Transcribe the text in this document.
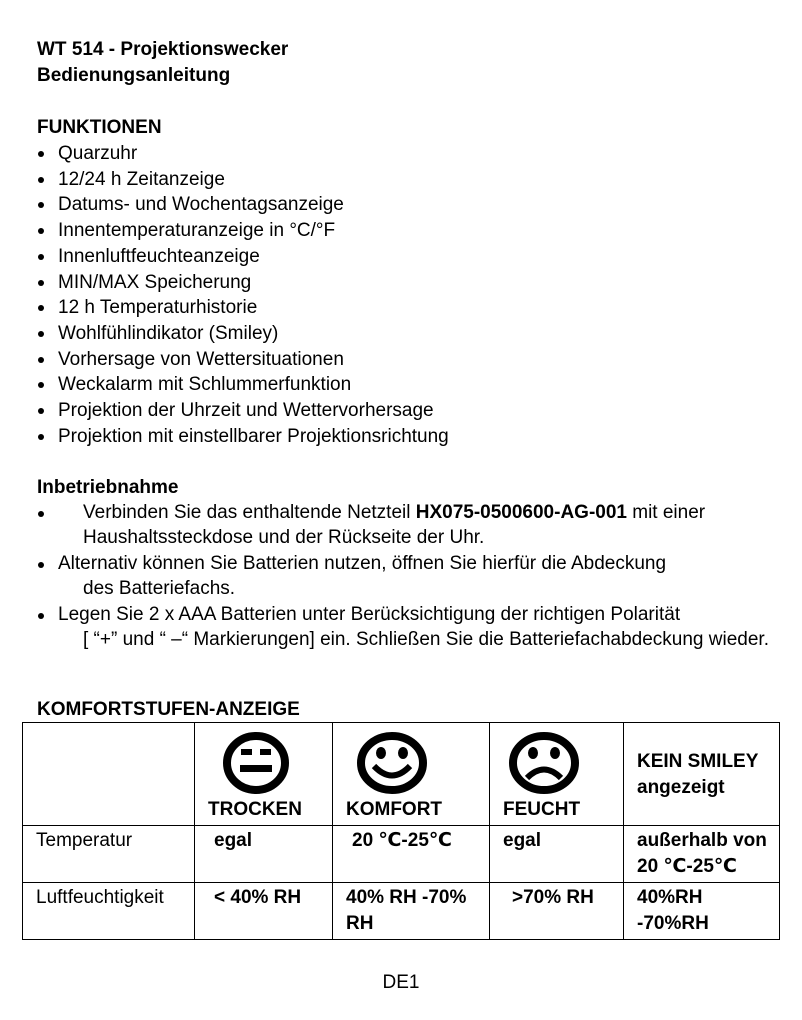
WT 514 - Projektionswecker
Bedienungsanleitung
FUNKTIONEN
Quarzuhr
12/24 h Zeitanzeige
Datums- und Wochentagsanzeige
Innentemperaturanzeige in °C/°F
Innenluftfeuchteanzeige
MIN/MAX Speicherung
12 h Temperaturhistorie
Wohlfühlindikator (Smiley)
Vorhersage von Wettersituationen
Weckalarm mit Schlummerfunktion
Projektion der Uhrzeit und Wettervorhersage
Projektion mit einstellbarer Projektionsrichtung
Inbetriebnahme
Verbinden Sie das enthaltende Netzteil HX075-0500600-AG-001 mit einer Haushaltssteckdose und der Rückseite der Uhr.
Alternativ können Sie Batterien nutzen, öffnen Sie hierfür die Abdeckung
des Batteriefachs.
Legen Sie 2 x AAA Batterien unter Berücksichtigung der richtigen Polarität
[ “+” und “ –“ Markierungen] ein. Schließen Sie die Batteriefachabdeckung wieder.
KOMFORTSTUFEN-ANZEIGE

	TROCKEN	KOMFORT	FEUCHT	KEIN SMILEY angezeigt

Temperatur	egal	20 ℃-25℃	egal	außerhalb von 20 ℃-25℃
Luftfeuchtigkeit	< 40% RH	40% RH -70% RH	>70% RH	40%RH -70%RH
DE1
